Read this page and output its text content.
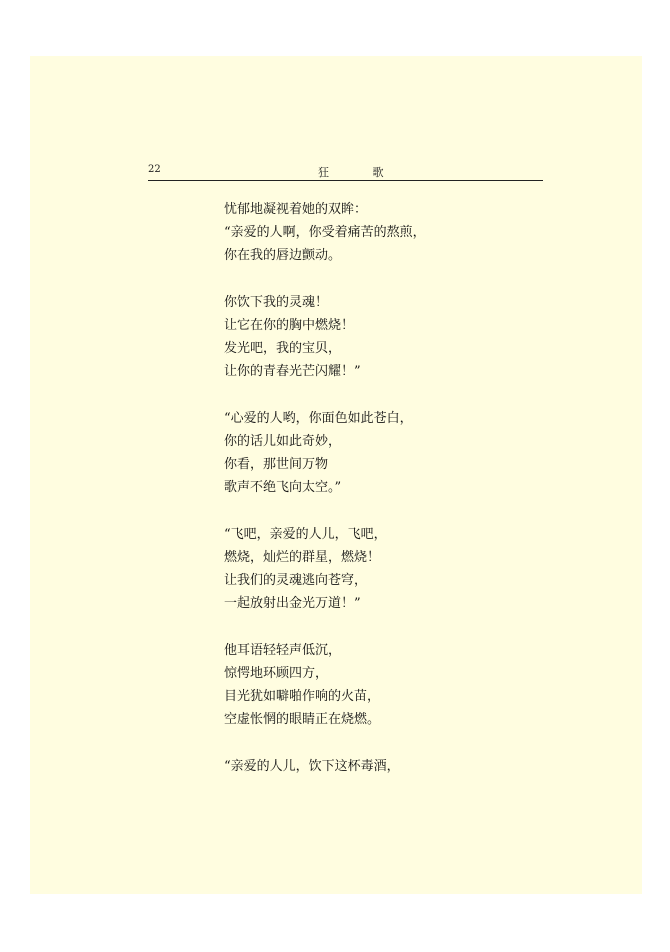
22	狂 歌
忧郁地凝视着她的双眸：
“亲爱的人啊，你受着痛苦的熬煎，
你在我的唇边颤动。
你饮下我的灵魂！
让它在你的胸中燃烧！
发光吧，我的宝贝，
让你的青春光芒闪耀！”
“心爱的人哟，你面色如此苍白，
你的话儿如此奇妙，
你看，那世间万物
歌声不绝飞向太空。”
“飞吧，亲爱的人儿，飞吧，
燃烧，灿烂的群星，燃烧！
让我们的灵魂逃向苍穹，
一起放射出金光万道！”
他耳语轻轻声低沉，
惊愕地环顾四方，
目光犹如噼啪作响的火苗，
空虚怅惘的眼睛正在烧燃。
“亲爱的人儿，饮下这杯毒酒，
